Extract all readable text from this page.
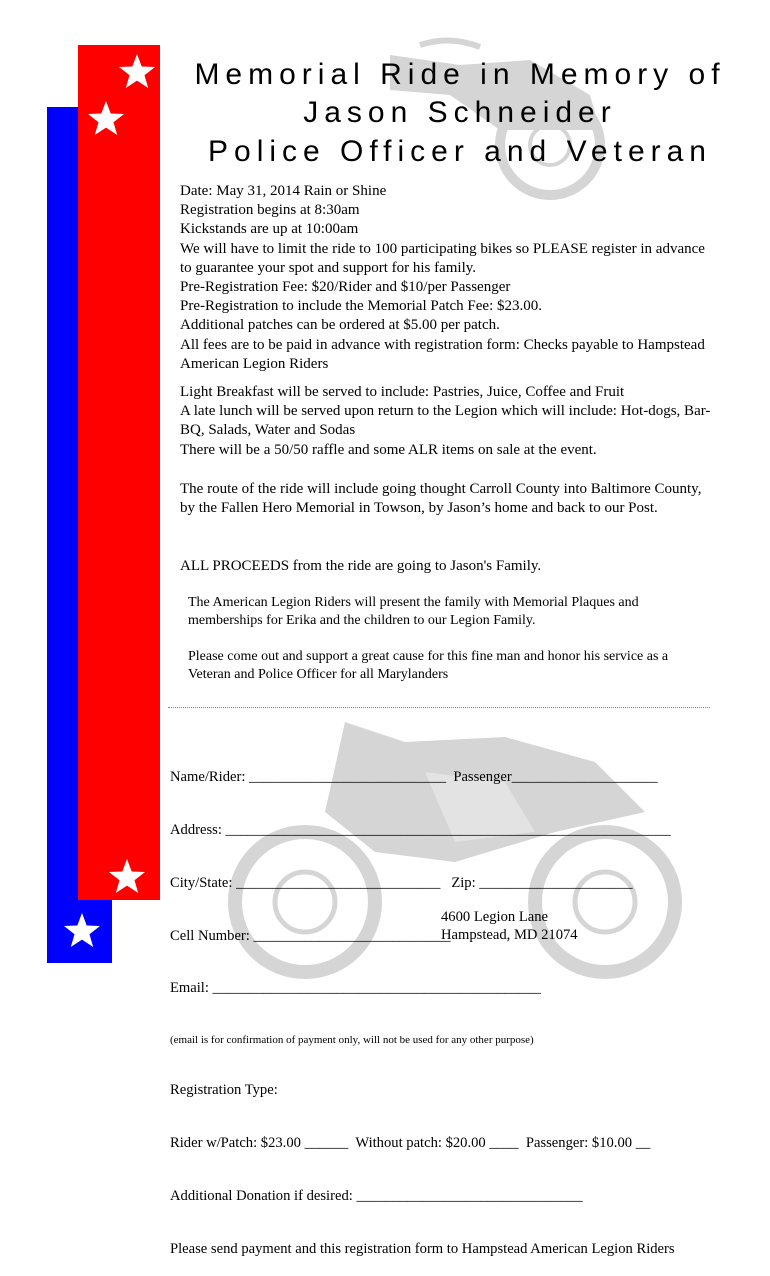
Memorial Ride in Memory of
Jason Schneider
Police Officer and Veteran

Date: May 31, 2014 Rain or Shine

Registration begins at 8:30am

Kickstands are up at 10:00am

We will have to limit the ride to 100 participating bikes so PLEASE register in advance to guarantee your spot and support for his family.

Pre-Registration Fee: $20/Rider and $10/per Passenger

Pre-Registration to include the Memorial Patch Fee: $23.00.

Additional patches can be ordered at $5.00 per patch.

All fees are to be paid in advance with registration form: Checks payable to Hampstead American Legion Riders

Light Breakfast will be served to include: Pastries, Juice, Coffee and Fruit

A late lunch will be served upon return to the Legion which will include: Hot-dogs, Bar-BQ, Salads, Water and Sodas

There will be a 50/50 raffle and some ALR items on sale at the event.

The route of the ride will include going thought Carroll County into Baltimore County, by the Fallen Hero Memorial in Towson, by Jason’s home and back to our Post.
ALL PROCEEDS from the ride are going to Jason's Family.
The American Legion Riders will present the family with Memorial Plaques and memberships for Erika and the children to our Legion Family.
Please come out and support a great cause for this fine man and honor his service as a Veteran and Police Officer for all Marylanders

Name/Rider: ___________________________  Passenger____________________

Address: _____________________________________________________________

City/State: ____________________________   Zip: _____________________

Cell Number: ___________________________

Email: _____________________________________________

(email is for confirmation of payment only, will not be used for any other purpose)

Registration Type:

Rider w/Patch: $23.00 ______  Without patch: $20.00 ____  Passenger: $10.00 __

Additional Donation if desired: _______________________________

Please send payment and this registration form to Hampstead American Legion Riders

4600 Legion Lane
Hampstead, MD 21074
